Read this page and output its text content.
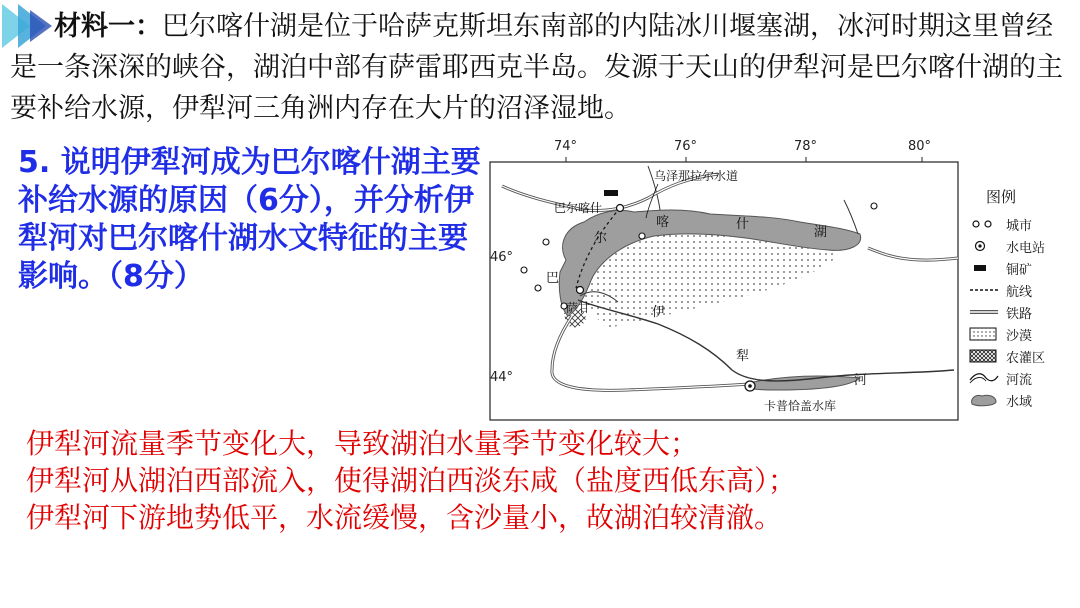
材料一：巴尔喀什湖是位于哈萨克斯坦东南部的内陆冰川堰塞湖，冰河时期这里曾经是一条深深的峡谷，湖泊中部有萨雷耶西克半岛。发源于天山的伊犁河是巴尔喀什湖的主要补给水源，伊犁河三角洲内存在大片的沼泽湿地。
5. 说明伊犁河成为巴尔喀什湖主要补给水源的原因（6分），并分析伊犁河对巴尔喀什湖水文特征的主要影响。（8分）
伊犁河流量季节变化大，导致湖泊水量季节变化较大；
伊犁河从湖泊西部流入，使得湖泊西淡东咸（盐度西低东高）；
伊犁河下游地势低平，水流缓慢，含沙量小，故湖泊较清澈。
74°	76°	78°	80°
46°
44°
巴
尔
喀	什
湖
乌泽那拉尔水道
巴尔喀什
萨甘
卡普恰盖水库
伊
犁
河
图例
城市
水电站
铜矿
航线
铁路
沙漠
农灌区
河流
水域
